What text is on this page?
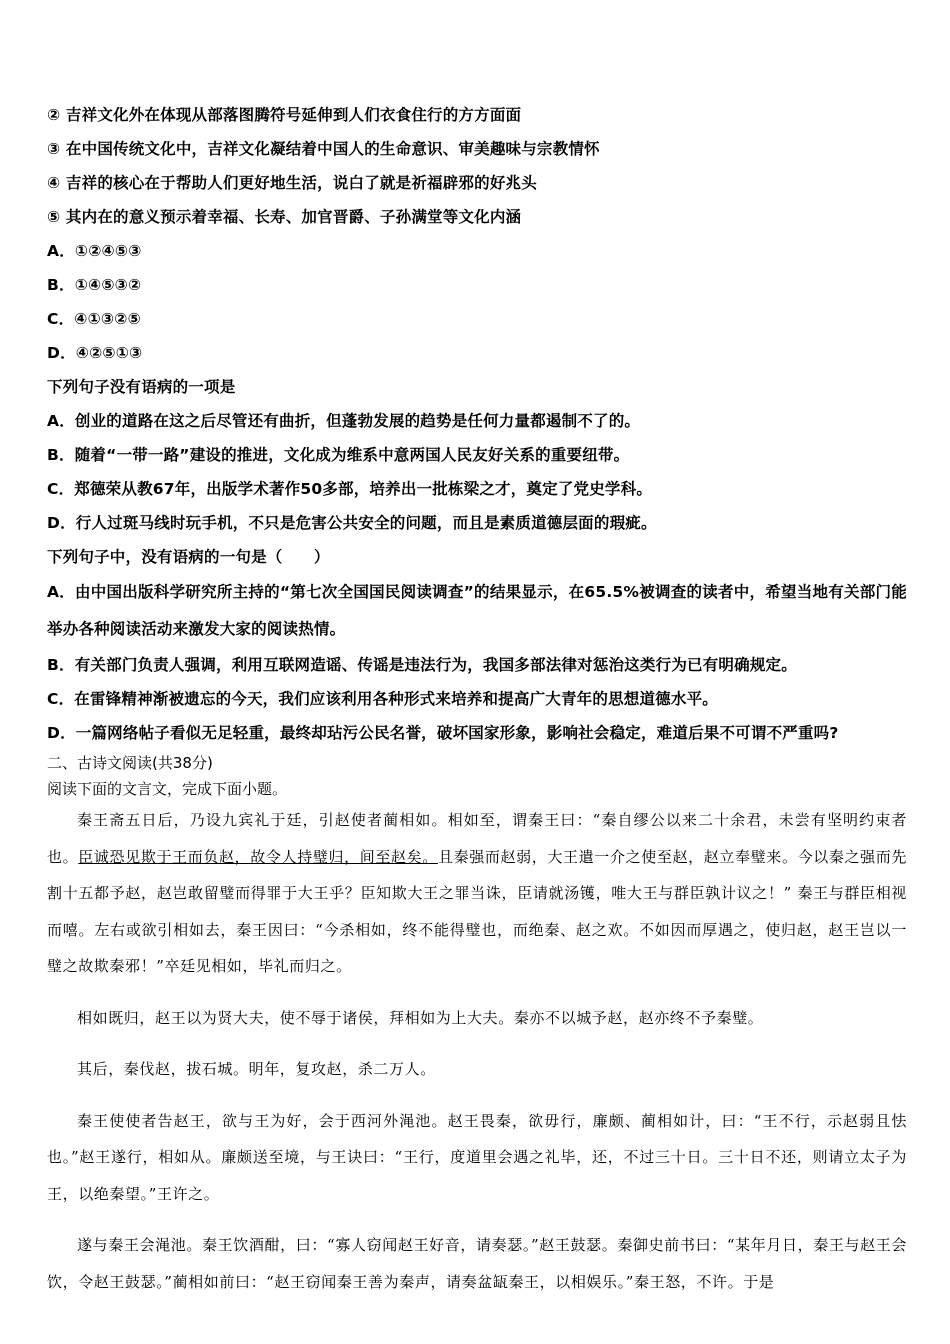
② 吉祥文化外在体现从部落图腾符号延伸到人们衣食住行的方方面面
③ 在中国传统文化中，吉祥文化凝结着中国人的生命意识、审美趣味与宗教情怀
④ 吉祥的核心在于帮助人们更好地生活，说白了就是祈福辟邪的好兆头
⑤ 其内在的意义预示着幸福、长寿、加官晋爵、子孙满堂等文化内涵
A．①②④⑤③
B．①④⑤③②
C．④①③②⑤
D．④②⑤①③
下列句子没有语病的一项是
A．创业的道路在这之后尽管还有曲折，但蓬勃发展的趋势是任何力量都遏制不了的。
B．随着“一带一路”建设的推进，文化成为维系中意两国人民友好关系的重要纽带。
C．郑德荣从教67年，出版学术著作50多部，培养出一批栋梁之才，奠定了党史学科。
D．行人过斑马线时玩手机，不只是危害公共安全的问题，而且是素质道德层面的瑕疵。
下列句子中，没有语病的一句是（　　）
A．由中国出版科学研究所主持的“第七次全国国民阅读调查”的结果显示，在65.5%被调查的读者中，希望当地有关部门能举办各种阅读活动来激发大家的阅读热情。
B．有关部门负责人强调，利用互联网造谣、传谣是违法行为，我国多部法律对惩治这类行为已有明确规定。
C．在雷锋精神渐被遗忘的今天，我们应该利用各种形式来培养和提高广大青年的思想道德水平。
D．一篇网络帖子看似无足轻重，最终却玷污公民名誉，破坏国家形象，影响社会稳定，难道后果不可谓不严重吗?
二、古诗文阅读(共38分)
阅读下面的文言文，完成下面小题。

秦王斋五日后，乃设九宾礼于廷，引赵使者蔺相如。相如至，谓秦王曰：“秦自缪公以来二十余君，未尝有坚明约束者也。臣诚恐见欺于王而负赵，故令人持璧归，间至赵矣。且秦强而赵弱，大王遣一介之使至赵，赵立奉璧来。今以秦之强而先割十五都予赵，赵岂敢留璧而得罪于大王乎？臣知欺大王之罪当诛，臣请就汤镬，唯大王与群臣孰计议之！” 秦王与群臣相视而嘻。左右或欲引相如去，秦王因曰：“今杀相如，终不能得璧也，而绝秦、赵之欢。不如因而厚遇之，使归赵，赵王岂以一璧之故欺秦邪！”卒廷见相如，毕礼而归之。

相如既归，赵王以为贤大夫，使不辱于诸侯，拜相如为上大夫。秦亦不以城予赵，赵亦终不予秦璧。

其后，秦伐赵，拔石城。明年，复攻赵，杀二万人。

秦王使使者告赵王，欲与王为好，会于西河外渑池。赵王畏秦，欲毋行，廉颇、蔺相如计，曰：“王不行，示赵弱且怯也。”赵王遂行，相如从。廉颇送至境，与王诀曰：“王行，度道里会遇之礼毕，还，不过三十日。三十日不还，则请立太子为王，以绝秦望。”王许之。

遂与秦王会渑池。秦王饮酒酣，曰：“寡人窃闻赵王好音，请奏瑟。”赵王鼓瑟。秦御史前书曰：“某年月日，秦王与赵王会饮，令赵王鼓瑟。”蔺相如前曰：“赵王窃闻秦王善为秦声，请奏盆缻秦王，以相娱乐。”秦王怒，不许。于是
